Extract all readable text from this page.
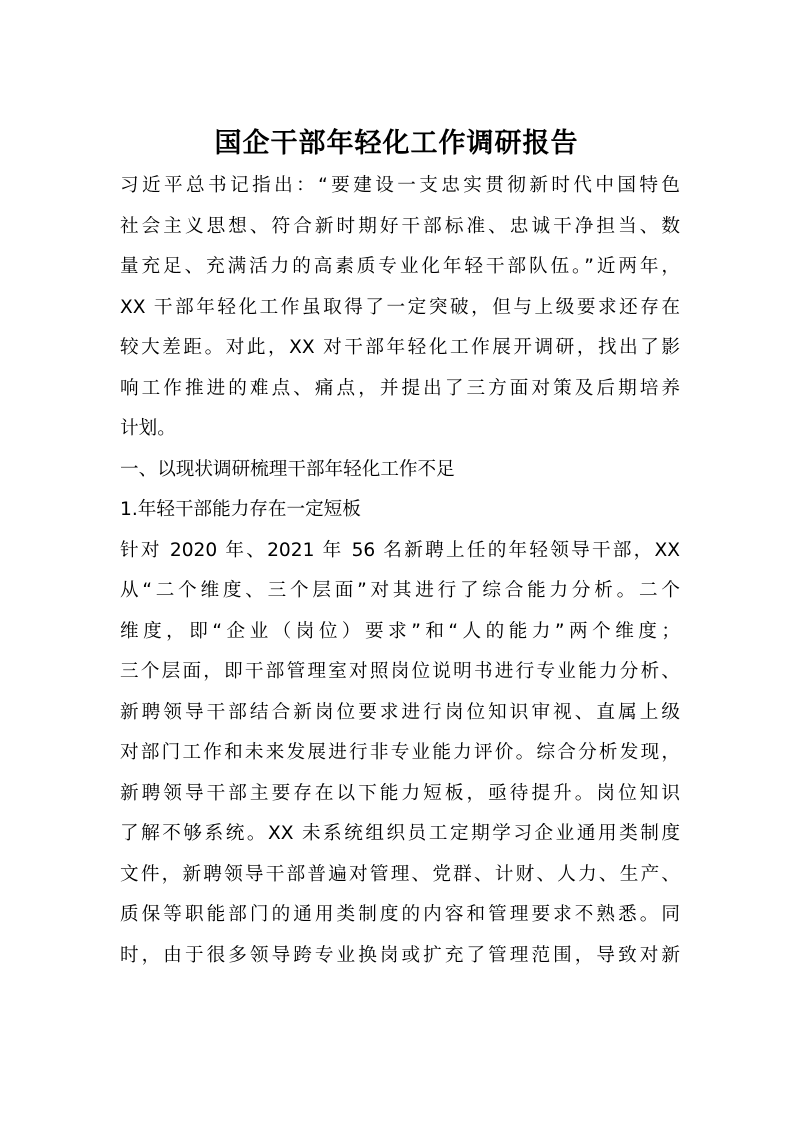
国企干部年轻化工作调研报告
习近平总书记指出：“要建设一支忠实贯彻新时代中国特色
社会主义思想、符合新时期好干部标准、忠诚干净担当、数
量充足、充满活力的高素质专业化年轻干部队伍。”近两年，
XX 干部年轻化工作虽取得了一定突破，但与上级要求还存在
较大差距。对此，XX 对干部年轻化工作展开调研，找出了影
响工作推进的难点、痛点，并提出了三方面对策及后期培养
计划。
一、以现状调研梳理干部年轻化工作不足
1.年轻干部能力存在一定短板
针对 2020 年、2021 年 56 名新聘上任的年轻领导干部，XX
从“二个维度、三个层面”对其进行了综合能力分析。二个
维度，即“企业（岗位）要求”和“人的能力”两个维度；
三个层面，即干部管理室对照岗位说明书进行专业能力分析、
新聘领导干部结合新岗位要求进行岗位知识审视、直属上级
对部门工作和未来发展进行非专业能力评价。综合分析发现，
新聘领导干部主要存在以下能力短板，亟待提升。岗位知识
了解不够系统。XX 未系统组织员工定期学习企业通用类制度
文件，新聘领导干部普遍对管理、党群、计财、人力、生产、
质保等职能部门的通用类制度的内容和管理要求不熟悉。同
时，由于很多领导跨专业换岗或扩充了管理范围，导致对新
